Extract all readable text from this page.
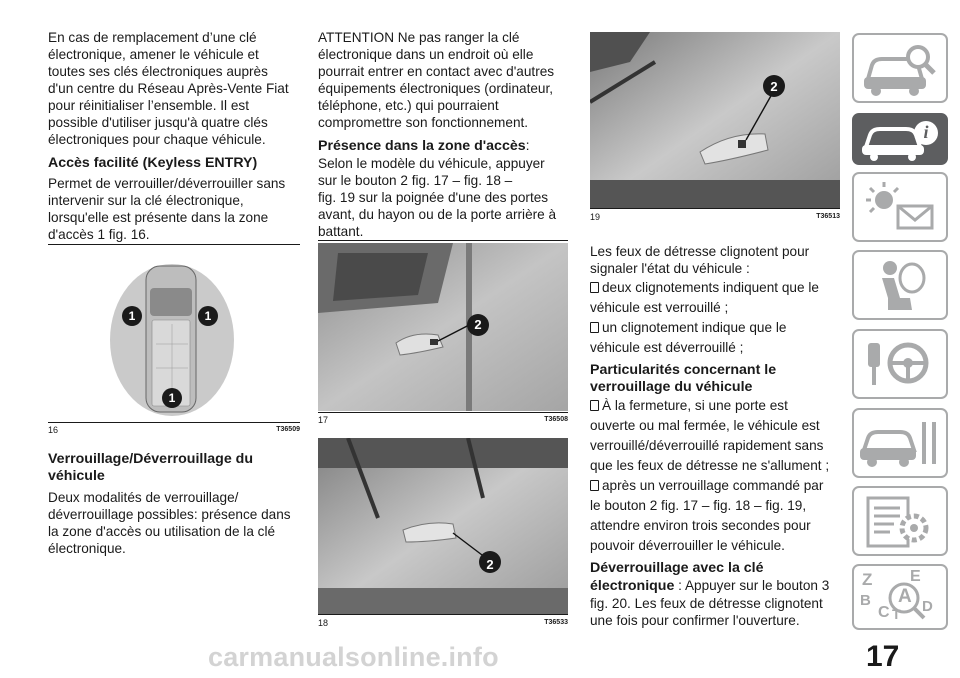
En cas de remplacement d’une clé
électronique, amener le véhicule et
toutes ses clés électroniques auprès
d'un centre du Réseau Après-Vente Fiat
pour réinitialiser l’ensemble. Il est
possible d'utiliser jusqu'à quatre clés
électroniques pour chaque véhicule.
Accès facilité (Keyless ENTRY)
Permet de verrouiller/déverrouiller sans
intervenir sur la clé électronique,
lorsqu'elle est présente dans la zone
d'accès 1 fig. 16.
Verrouillage/Déverrouillage du
véhicule
Deux modalités de verrouillage/
déverrouillage possibles: présence dans
la zone d'accès ou utilisation de la clé
électronique.
1	1
1
16	T36509
ATTENTION Ne pas ranger la clé
électronique dans un endroit où elle
pourrait entrer en contact avec d'autres
équipements électroniques (ordinateur,
téléphone, etc.) qui pourraient
compromettre son fonctionnement.
Présence dans la zone d'accès:
Selon le modèle du véhicule, appuyer
sur le bouton 2 fig. 17 – fig. 18 –
fig. 19 sur la poignée d'une des portes
avant, du hayon ou de la porte arrière à
battant.
2
17	T36508
2
18	T36533
2
19	T36513
Les feux de détresse clignotent pour
signaler l'état du véhicule :
deux clignotements indiquent que le
véhicule est verrouillé ;
un clignotement indique que le
véhicule est déverrouillé ;
Particularités concernant le
verrouillage du véhicule
À la fermeture, si une porte est
ouverte ou mal fermée, le véhicule est
verrouillé/déverrouillé rapidement sans
que les feux de détresse ne s'allument ;
après un verrouillage commandé par
le bouton 2 fig. 17 – fig. 18 – fig. 19,
attendre environ trois secondes pour
pouvoir déverrouiller le véhicule.
Déverrouillage avec la clé
électronique : Appuyer sur le bouton 3
fig. 20. Les feux de détresse clignotent
une fois pour confirmer l'ouverture.
i
Z E
B A
C D
T
17
carmanualsonline.info
